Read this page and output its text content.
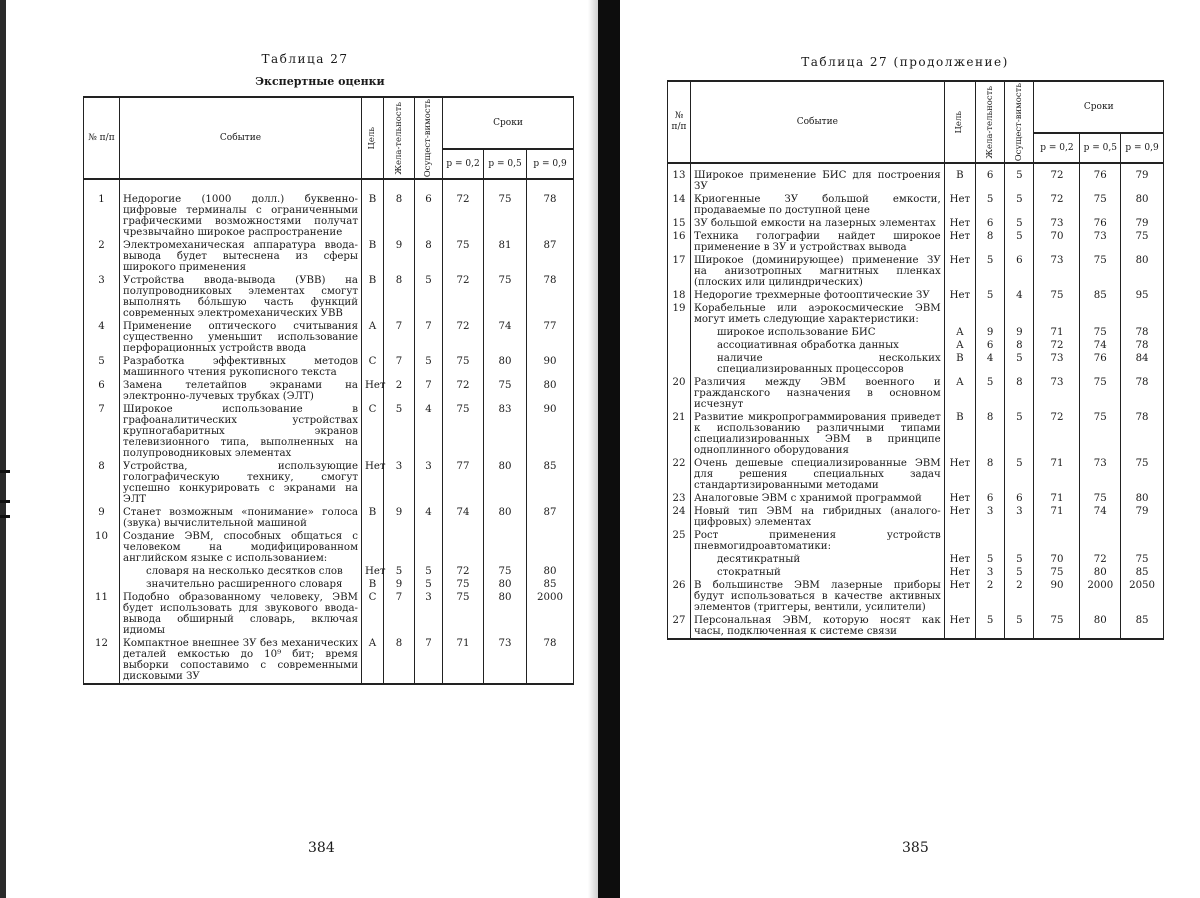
Таблица 27
Экспертные оценки
№ п/п	Событие	Цель	Жела-тельность	Осущест-вимость	Сроки		
					p = 0,2	p = 0,5	p = 0,9
1	Недорогие (1000 долл.) буквенно-цифровые терминалы с ограниченными графическими возможностями получат чрезвычайно широкое распространение	В	8	6	72	75	78
2	Электромеханическая аппаратура ввода-вывода будет вытеснена из сферы широкого применения	В	9	8	75	81	87
3	Устройства ввода-вывода (УВВ) на полупроводниковых элементах смогут выполнять бо́льшую часть функций современных электромеханических УВВ	В	8	5	72	75	78
4	Применение оптического считывания существенно уменьшит использование перфорационных устройств ввода	А	7	7	72	74	77
5	Разработка эффективных методов машинного чтения рукописного текста	С	7	5	75	80	90
6	Замена телетайпов экранами на электронно-лучевых трубках (ЭЛТ)	Нет	2	7	72	75	80
7	Широкое использование в графоаналитических устройствах крупногабаритных экранов телевизионного типа, выполненных на полупроводниковых элементах	С	5	4	75	83	90
8	Устройства, использующие голографическую технику, смогут успешно конкурировать с экранами на ЭЛТ	Нет	3	3	77	80	85
9	Станет возможным «понимание» голоса (звука) вычислительной машиной	В	9	4	74	80	87
10	Создание ЭВМ, способных общаться с человеком на модифицированном английском языке с использованием:						
	словаря на несколько десятков слов	Нет	5	5	72	75	80
	значительно расширенного словаря	В	9	5	75	80	85
11	Подобно образованному человеку, ЭВМ будет использовать для звукового ввода-вывода обширный словарь, включая идиомы	С	7	3	75	80	2000
12	Компактное внешнее ЗУ без механических деталей емкостью до 10⁹ бит; время выборки сопоставимо с современными дисковыми ЗУ	А	8	7	71	73	78
384
Таблица 27 (продолжение)
№ п/п	Событие	Цель	Жела-тельность	Осущест-вимость	Сроки		
					p = 0,2	p = 0,5	p = 0,9
13	Широкое применение БИС для построения ЗУ	В	6	5	72	76	79
14	Криогенные ЗУ большой емкости, продаваемые по доступной цене	Нет	5	5	72	75	80
15	ЗУ большой емкости на лазерных элементах	Нет	6	5	73	76	79
16	Техника голографии найдет широкое применение в ЗУ и устройствах вывода	Нет	8	5	70	73	75
17	Широкое (доминирующее) применение ЗУ на анизотропных магнитных пленках (плоских или цилиндрических)	Нет	5	6	73	75	80
18	Недорогие трехмерные фотооптические ЗУ	Нет	5	4	75	85	95
19	Корабельные или аэрокосмические ЭВМ могут иметь следующие характеристики:						
	широкое использование БИС	А	9	9	71	75	78
	ассоциативная обработка данных	А	6	8	72	74	78
	наличие нескольких специализированных процессоров	В	4	5	73	76	84
20	Различия между ЭВМ военного и гражданского назначения в основном исчезнут	А	5	8	73	75	78
21	Развитие микропрограммирования приведет к использованию различными типами специализированных ЭВМ в принципе одноплинного оборудования	В	8	5	72	75	78
22	Очень дешевые специализированные ЭВМ для решения специальных задач стандартизированными методами	Нет	8	5	71	73	75
23	Аналоговые ЭВМ с хранимой программой	Нет	6	6	71	75	80
24	Новый тип ЭВМ на гибридных (аналого-цифровых) элементах	Нет	3	3	71	74	79
25	Рост применения устройств пневмогидроавтоматики:						
	десятикратный	Нет	5	5	70	72	75
	стократный	Нет	3	5	75	80	85
26	В большинстве ЭВМ лазерные приборы будут использоваться в качестве активных элементов (триггеры, вентили, усилители)	Нет	2	2	90	2000	2050
27	Персональная ЭВМ, которую носят как часы, подключенная к системе связи	Нет	5	5	75	80	85
385
